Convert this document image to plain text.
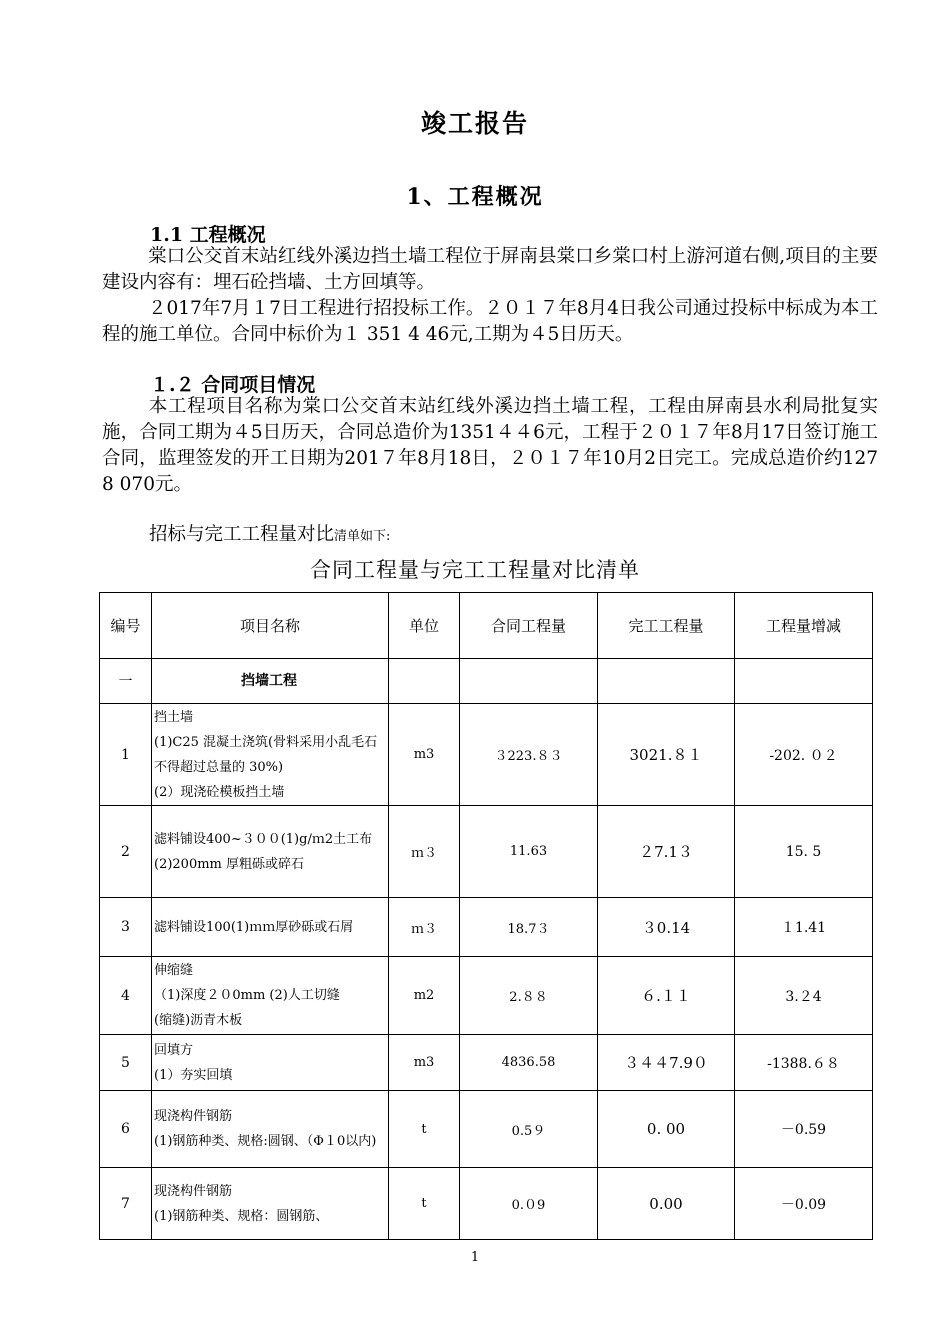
竣工报告
1、工程概况
1.1 工程概况

棠口公交首末站红线外溪边挡土墙工程位于屏南县棠口乡棠口村上游河道右侧,项目的主要建设内容有：埋石砼挡墙、土方回填等。

２017年7月１7日工程进行招投标工作。２０１７年8月4日我公司通过投标中标成为本工程的施工单位。合同中标价为１ 351 4 46元,工期为４5日历天。

１.２ 合同项目情况

本工程项目名称为棠口公交首末站红线外溪边挡土墙工程，工程由屏南县水利局批复实施，合同工期为４5日历天，合同总造价为1351４４6元，工程于２０１７年8月17日签订施工合同，监理签发的开工日期为201７年8月18日，２０１７年10月2日完工。完成总造价约127 8 070元。

招标与完工工程量对比清单如下:
合同工程量与完工工程量对比清单
编号	项目名称	单位	合同工程量	完工工程量	工程量增减
一	挡墙工程				
1	挡土墙
(1)C25 混凝土浇筑(骨料采用小乱毛石不得超过总量的 30%)
(2）现浇砼模板挡土墙	m3	３223.８３	3021.８１	-202. ０２
2	滤料铺设400~３００(1)g/ｍ2土工布
(2)200mm 厚粗砾或碎石	ｍ３	11.63	２7.1３	15. 5
3	滤料铺设100(1)ｍｍ厚砂砾或石屑	ｍ３	18.7３	３0.14	１1.41
4	伸缩缝
（1)深度２０0mm (2)人工切缝
(缩缝)沥青木板	m2	2.８８	６.１１	3.２4
5	回填方
(1）夯实回填	m3	4836.58	３４４7.9０	-1388.６８
6	现浇构件钢筋
(1)钢筋种类、规格:圆钢、（Φ１0以内)	t	0.5９	0. 00	－0.59
7	现浇构件钢筋
(1)钢筋种类、规格：圆钢筋、	t	0.０9	0.00	－0.09
1
